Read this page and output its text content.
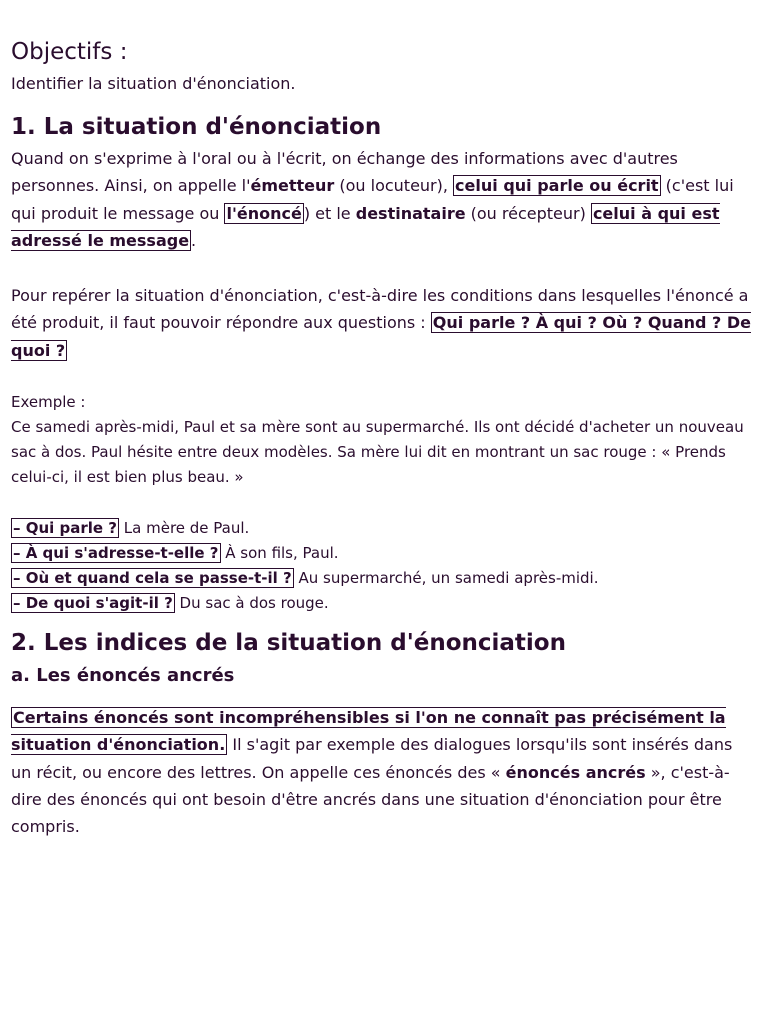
Objectifs :
Identifier la situation d'énonciation.
1. La situation d'énonciation

Quand on s'exprime à l'oral ou à l'écrit, on échange des informations avec d'autres personnes. Ainsi, on appelle l'émetteur (ou locuteur), celui qui parle ou écrit (c'est lui qui produit le message ou l'énoncé ) et le destinataire (ou récepteur) celui à qui est adressé le message .

Pour repérer la situation d'énonciation, c'est-à-dire les conditions dans lesquelles l'énoncé a été produit, il faut pouvoir répondre aux questions : Qui parle ? À qui ? Où ? Quand ? De quoi ?

Exemple :
Ce samedi après-midi, Paul et sa mère sont au supermarché. Ils ont décidé d'acheter un nouveau sac à dos. Paul hésite entre deux modèles. Sa mère lui dit en montrant un sac rouge : « Prends celui-ci, il est bien plus beau. »
– Qui parle ? La mère de Paul.
– À qui s'adresse-t-elle ? À son fils, Paul.
– Où et quand cela se passe-t-il ? Au supermarché, un samedi après-midi.
– De quoi s'agit-il ? Du sac à dos rouge.
2. Les indices de la situation d'énonciation
a. Les énoncés ancrés

Certains énoncés sont incompréhensibles si l'on ne connaît pas précisément la situation d'énonciation. Il s'agit par exemple des dialogues lorsqu'ils sont insérés dans un récit, ou encore des lettres. On appelle ces énoncés des « énoncés ancrés », c'est-à-dire des énoncés qui ont besoin d'être ancrés dans une situation d'énonciation pour être compris.
